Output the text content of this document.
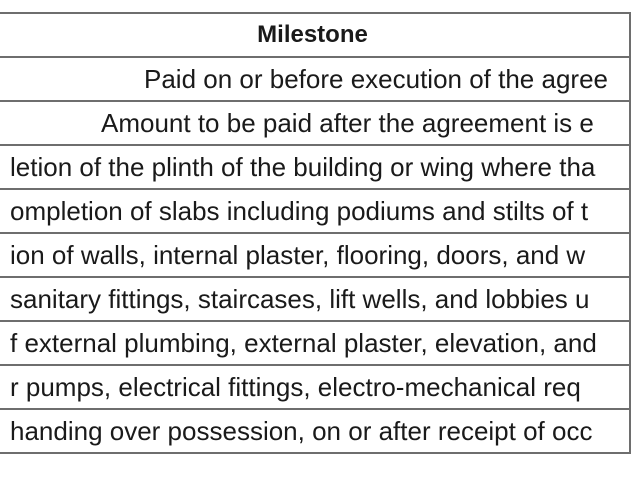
Milestone
Paid on or before execution of the agree
Amount to be paid after the agreement is e
letion of the plinth of the building or wing where tha
ompletion of slabs including podiums and stilts of t
ion of walls, internal plaster, flooring, doors, and w
sanitary fittings, staircases, lift wells, and lobbies u
f external plumbing, external plaster, elevation, and
r pumps, electrical fittings, electro-mechanical req
handing over possession, on or after receipt of occ
